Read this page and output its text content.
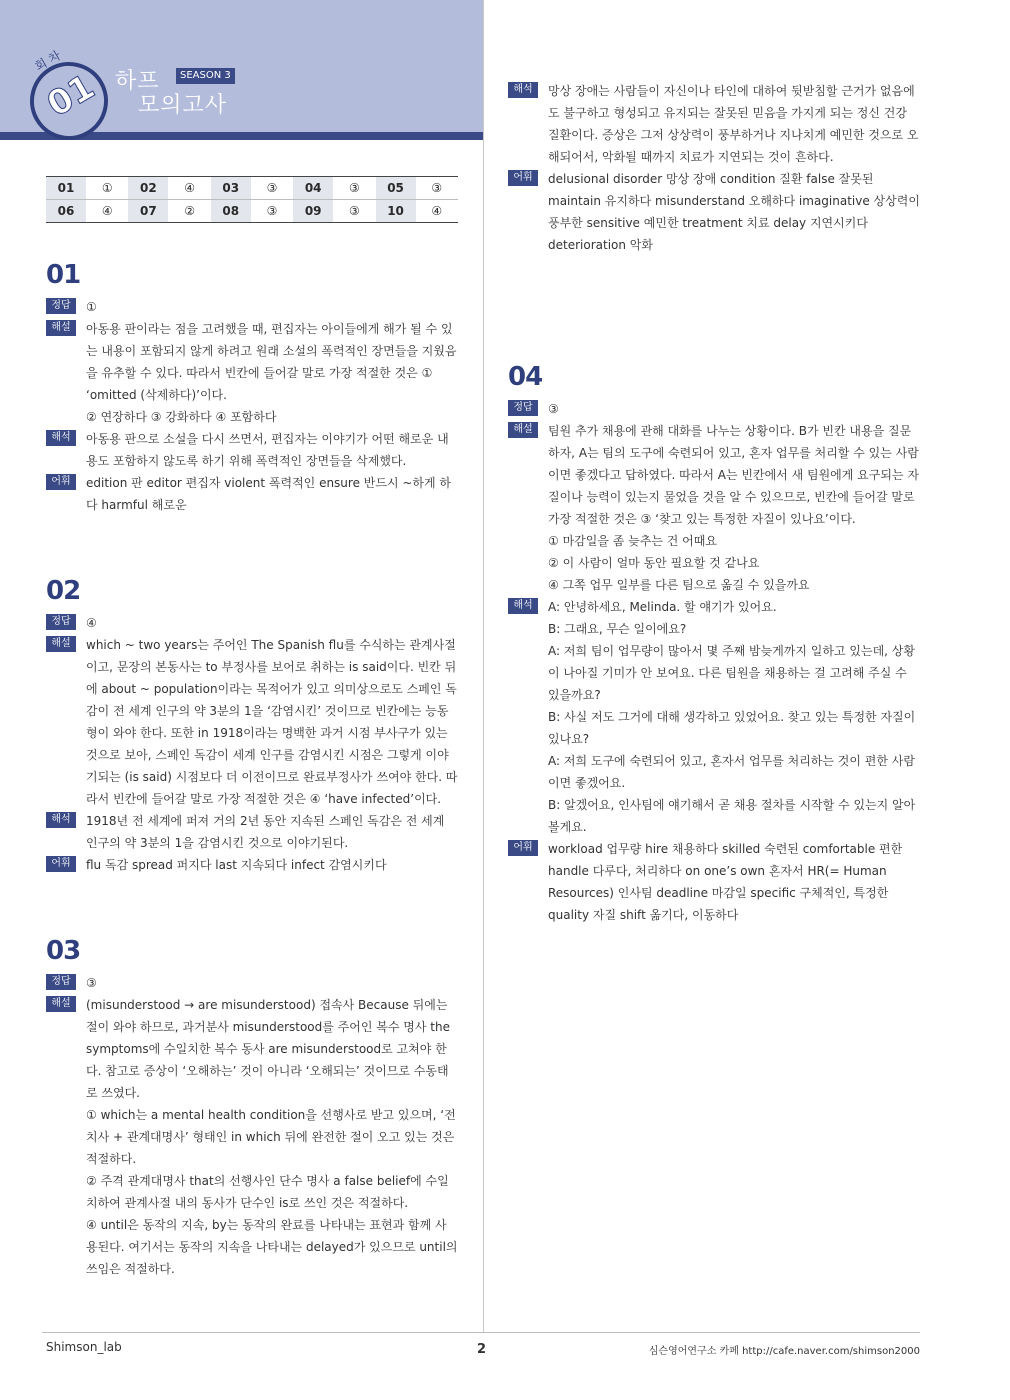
회 차
01 하프	SEASON 3
모의고사
01	①	02	④	03	③	04	③	05	③
06	④	07	②	08	③	09	③	10	④
01
정답	①
해설	아동용 판이라는 점을 고려했을 때, 편집자는 아이들에게 해가 될 수 있는 내용이 포함되지 않게 하려고 원래 소설의 폭력적인 장면들을 지웠음을 유추할 수 있다. 따라서 빈칸에 들어갈 말로 가장 적절한 것은 ① ‘omitted (삭제하다)’이다.

② 연장하다 ③ 강화하다 ④ 포함하다

해석	아동용 판으로 소설을 다시 쓰면서, 편집자는 이야기가 어떤 해로운 내용도 포함하지 않도록 하기 위해 폭력적인 장면들을 삭제했다.
어휘	edition 판 editor 편집자 violent 폭력적인 ensure 반드시 ~하게 하다 harmful 해로운
02
정답	④
해설	which ~ two years는 주어인 The Spanish flu를 수식하는 관계사절이고, 문장의 본동사는 to 부정사를 보어로 취하는 is said이다. 빈칸 뒤에 about ~ population이라는 목적어가 있고 의미상으로도 스페인 독감이 전 세계 인구의 약 3분의 1을 ‘감염시킨’ 것이므로 빈칸에는 능동형이 와야 한다. 또한 in 1918이라는 명백한 과거 시점 부사구가 있는 것으로 보아, 스페인 독감이 세계 인구를 감염시킨 시점은 그렇게 이야기되는 (is said) 시점보다 더 이전이므로 완료부정사가 쓰여야 한다. 따라서 빈칸에 들어갈 말로 가장 적절한 것은 ④ ‘have infected’이다.
해석	1918년 전 세계에 퍼져 거의 2년 동안 지속된 스페인 독감은 전 세계 인구의 약 3분의 1을 감염시킨 것으로 이야기된다.
어휘	flu 독감 spread 퍼지다 last 지속되다 infect 감염시키다
03
정답	③
해설	(misunderstood → are misunderstood) 접속사 Because 뒤에는 절이 와야 하므로, 과거분사 misunderstood를 주어인 복수 명사 the symptoms에 수일치한 복수 동사 are misunderstood로 고쳐야 한다. 참고로 증상이 ‘오해하는’ 것이 아니라 ‘오해되는’ 것이므로 수동태로 쓰였다.

① which는 a mental health condition을 선행사로 받고 있으며, ‘전치사 + 관계대명사’ 형태인 in which 뒤에 완전한 절이 오고 있는 것은 적절하다.

② 주격 관계대명사 that의 선행사인 단수 명사 a false belief에 수일치하여 관계사절 내의 동사가 단수인 is로 쓰인 것은 적절하다.

④ until은 동작의 지속, by는 동작의 완료를 나타내는 표현과 함께 사용된다. 여기서는 동작의 지속을 나타내는 delayed가 있으므로 until의 쓰임은 적절하다.

해석	망상 장애는 사람들이 자신이나 타인에 대하여 뒷받침할 근거가 없음에도 불구하고 형성되고 유지되는 잘못된 믿음을 가지게 되는 정신 건강 질환이다. 증상은 그저 상상력이 풍부하거나 지나치게 예민한 것으로 오해되어서, 악화될 때까지 치료가 지연되는 것이 흔하다.
어휘	delusional disorder 망상 장애 condition 질환 false 잘못된 maintain 유지하다 misunderstand 오해하다 imaginative 상상력이 풍부한 sensitive 예민한 treatment 치료 delay 지연시키다 deterioration 악화
04
정답	③
해설	팀원 추가 채용에 관해 대화를 나누는 상황이다. B가 빈칸 내용을 질문하자, A는 팀의 도구에 숙련되어 있고, 혼자 업무를 처리할 수 있는 사람이면 좋겠다고 답하였다. 따라서 A는 빈칸에서 새 팀원에게 요구되는 자질이나 능력이 있는지 물었을 것을 알 수 있으므로, 빈칸에 들어갈 말로 가장 적절한 것은 ③ ‘찾고 있는 특정한 자질이 있나요’이다.

① 마감일을 좀 늦추는 건 어때요

② 이 사람이 얼마 동안 필요할 것 같나요

④ 그쪽 업무 일부를 다른 팀으로 옮길 수 있을까요

해석	A: 안녕하세요, Melinda. 할 얘기가 있어요.

B: 그래요, 무슨 일이에요?

A: 저희 팀이 업무량이 많아서 몇 주째 밤늦게까지 일하고 있는데, 상황이 나아질 기미가 안 보여요. 다른 팀원을 채용하는 걸 고려해 주실 수 있을까요?

B: 사실 저도 그거에 대해 생각하고 있었어요. 찾고 있는 특정한 자질이 있나요?

A: 저희 도구에 숙련되어 있고, 혼자서 업무를 처리하는 것이 편한 사람이면 좋겠어요.

B: 알겠어요, 인사팀에 얘기해서 곧 채용 절차를 시작할 수 있는지 알아볼게요.

어휘	workload 업무량 hire 채용하다 skilled 숙련된 comfortable 편한 handle 다루다, 처리하다 on one’s own 혼자서 HR(= Human Resources) 인사팀 deadline 마감일 specific 구체적인, 특정한 quality 자질 shift 옮기다, 이동하다
Shimson_lab	2	심슨영어연구소 카페 http://cafe.naver.com/shimson2000
